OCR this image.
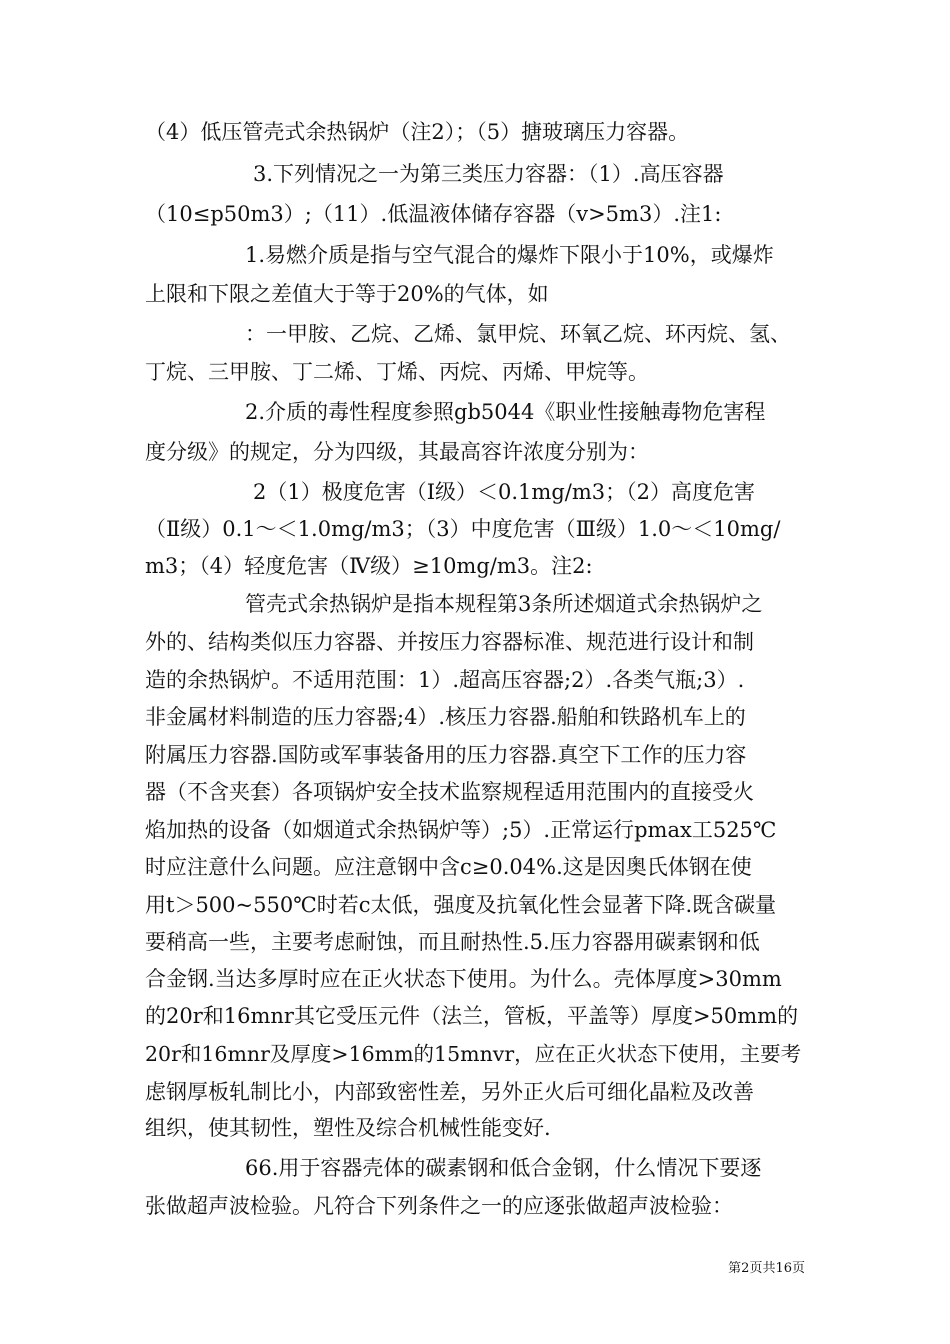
（4）低压管壳式余热锅炉（注2）；（5）搪玻璃压力容器。
3.下列情况之一为第三类压力容器：（1）.高压容器
（10≤p50m3）;（11）.低温液体储存容器（v>5m3）.注1:
1.易燃介质是指与空气混合的爆炸下限小于10%，或爆炸
上限和下限之差值大于等于20%的气体，如
：一甲胺、乙烷、乙烯、氯甲烷、环氧乙烷、环丙烷、氢、
丁烷、三甲胺、丁二烯、丁烯、丙烷、丙烯、甲烷等。
2.介质的毒性程度参照gb5044《职业性接触毒物危害程
度分级》的规定，分为四级，其最高容许浓度分别为：
2（1）极度危害（Ⅰ级）＜0.1mg/m3；（2）高度危害
（Ⅱ级）0.1～＜1.0mg/m3；（3）中度危害（Ⅲ级）1.0～＜10mg/
m3；（4）轻度危害（Ⅳ级）≥10mg/m3。注2:
管壳式余热锅炉是指本规程第3条所述烟道式余热锅炉之
外的、结构类似压力容器、并按压力容器标准、规范进行设计和制
造的余热锅炉。不适用范围：1）.超高压容器;2）.各类气瓶;3）.
非金属材料制造的压力容器;4）.核压力容器.船舶和铁路机车上的
附属压力容器.国防或军事装备用的压力容器.真空下工作的压力容
器（不含夹套）各项锅炉安全技术监察规程适用范围内的直接受火
焰加热的设备（如烟道式余热锅炉等）;5）.正常运行pmax工525℃
时应注意什么问题。应注意钢中含c≥0.04%.这是因奥氏体钢在使
用t＞500~550℃时若c太低，强度及抗氧化性会显著下降.既含碳量
要稍高一些，主要考虑耐蚀，而且耐热性.5.压力容器用碳素钢和低
合金钢.当达多厚时应在正火状态下使用。为什么。壳体厚度>30mm
的20r和16mnr其它受压元件（法兰，管板，平盖等）厚度>50mm的
20r和16mnr及厚度>16mm的15mnvr，应在正火状态下使用，主要考
虑钢厚板轧制比小，内部致密性差，另外正火后可细化晶粒及改善
组织，使其韧性，塑性及综合机械性能变好.
66.用于容器壳体的碳素钢和低合金钢，什么情况下要逐
张做超声波检验。凡符合下列条件之一的应逐张做超声波检验：
第2页共16页
